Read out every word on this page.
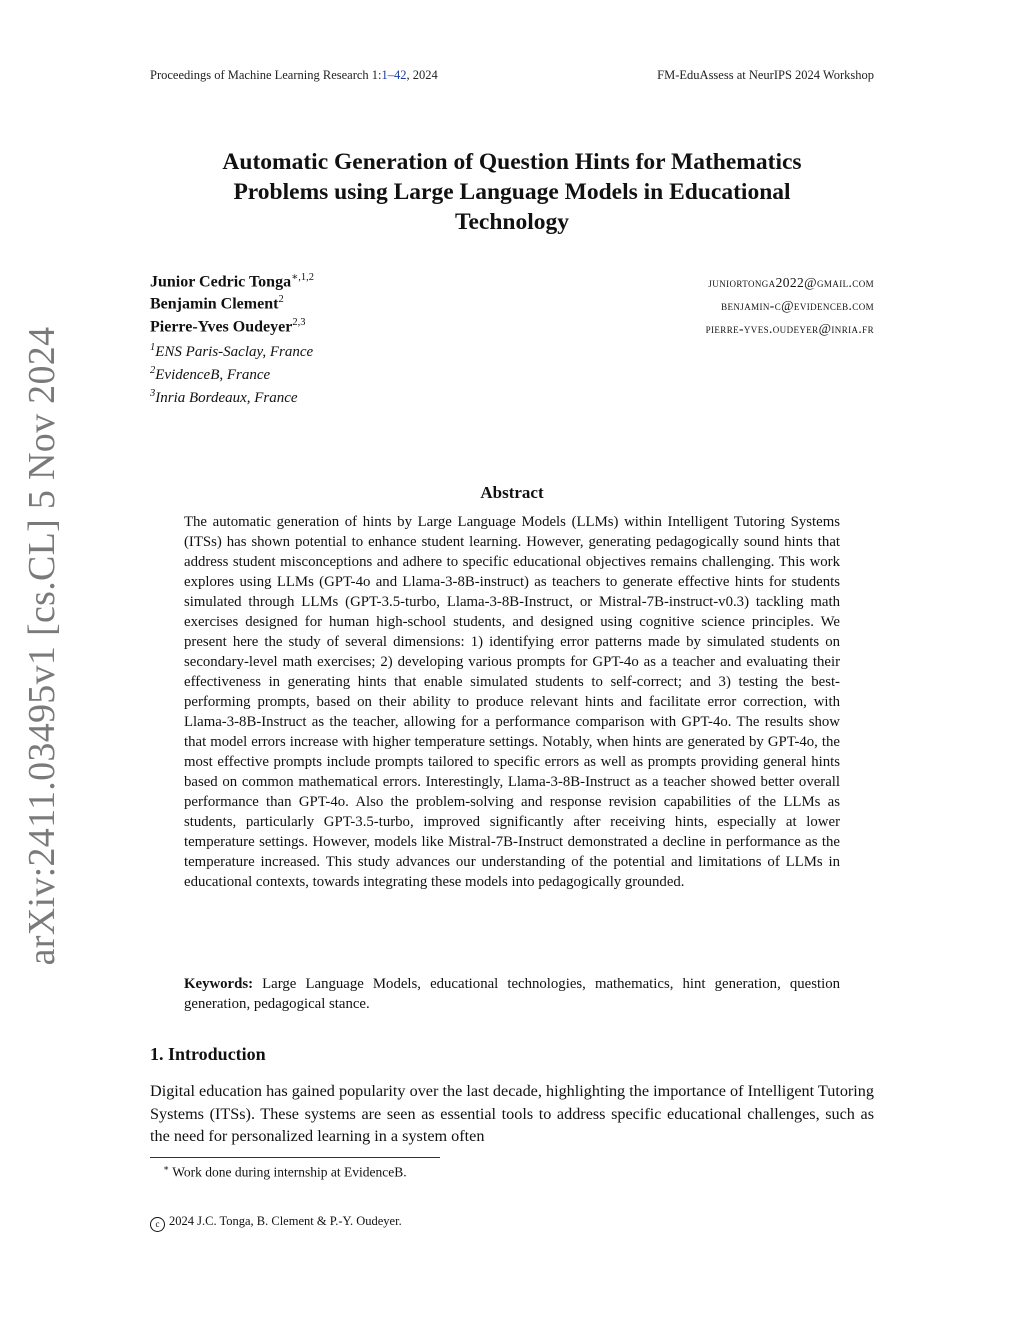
Proceedings of Machine Learning Research 1:1–42, 2024	FM-EduAssess at NeurIPS 2024 Workshop
arXiv:2411.03495v1 [cs.CL] 5 Nov 2024
Automatic Generation of Question Hints for Mathematics
Problems using Large Language Models in Educational
Technology
Junior Cedric Tonga$^{∗,1,2}$	juniortonga2022@gmail.com
Benjamin Clement$^2$	benjamin-c@evidenceb.com
Pierre-Yves Oudeyer$^{2,3}$	pierre-yves.oudeyer@inria.fr
$^1$ENS Paris-Saclay, France
$^2$EvidenceB, France
$^3$Inria Bordeaux, France
Abstract
The automatic generation of hints by Large Language Models (LLMs) within Intelligent Tutoring Systems (ITSs) has shown potential to enhance student learning. However, generating pedagogically sound hints that address student misconceptions and adhere to specific educational objectives remains challenging. This work explores using LLMs (GPT-4o and Llama-3-8B-instruct) as teachers to generate effective hints for students simulated through LLMs (GPT-3.5-turbo, Llama-3-8B-Instruct, or Mistral-7B-instruct-v0.3) tackling math exercises designed for human high-school students, and designed using cognitive science principles. We present here the study of several dimensions: 1) identifying error patterns made by simulated students on secondary-level math exercises; 2) developing various prompts for GPT-4o as a teacher and evaluating their effectiveness in generating hints that enable simulated students to self-correct; and 3) testing the best-performing prompts, based on their ability to produce relevant hints and facilitate error correction, with Llama-3-8B-Instruct as the teacher, allowing for a performance comparison with GPT-4o. The results show that model errors increase with higher temperature settings. Notably, when hints are generated by GPT-4o, the most effective prompts include prompts tailored to specific errors as well as prompts providing general hints based on common mathematical errors. Interestingly, Llama-3-8B-Instruct as a teacher showed better overall performance than GPT-4o. Also the problem-solving and response revision capabilities of the LLMs as students, particularly GPT-3.5-turbo, improved significantly after receiving hints, especially at lower temperature settings. However, models like Mistral-7B-Instruct demonstrated a decline in performance as the temperature increased. This study advances our understanding of the potential and limitations of LLMs in educational contexts, towards integrating these models into pedagogically grounded.
Keywords: Large Language Models, educational technologies, mathematics, hint generation, question generation, pedagogical stance.
1. Introduction
Digital education has gained popularity over the last decade, highlighting the importance of Intelligent Tutoring Systems (ITSs). These systems are seen as essential tools to address specific educational challenges, such as the need for personalized learning in a system often
∗ Work done during internship at EvidenceB.
c 2024 J.C. Tonga, B. Clement & P.-Y. Oudeyer.
